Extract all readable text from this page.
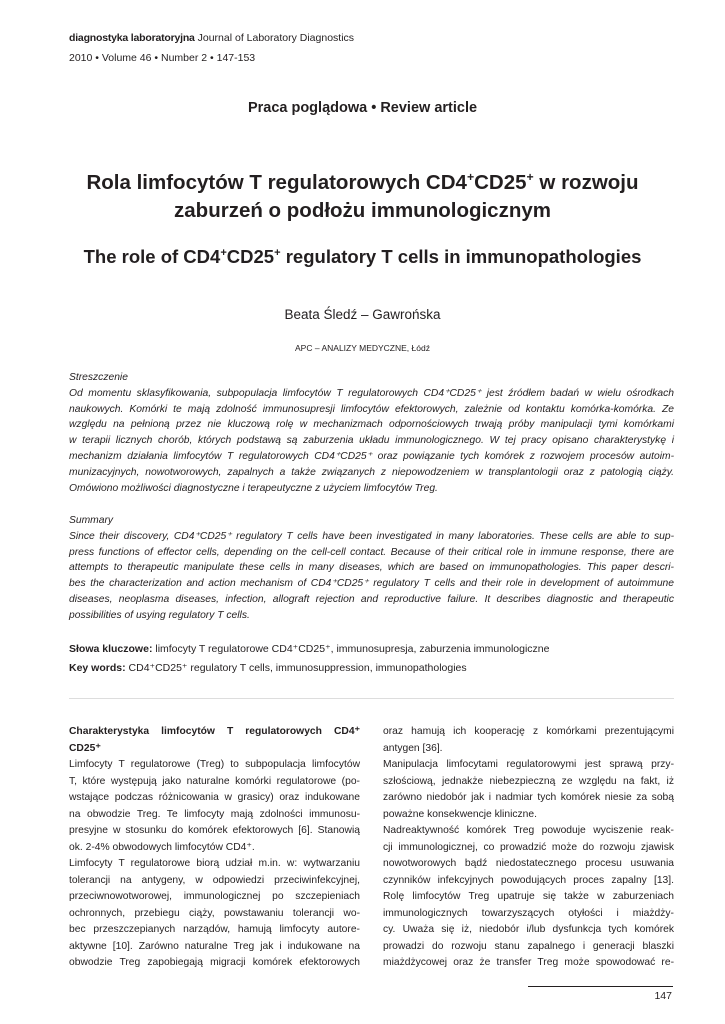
diagnostyka laboratoryjna Journal of Laboratory Diagnostics
2010 • Volume 46 • Number 2 • 147-153
Praca poglądowa • Review article
Rola limfocytów T regulatorowych CD4+CD25+ w rozwoju
zaburzeń o podłożu immunologicznym
The role of CD4+CD25+ regulatory T cells in immunopathologies
Beata Śledź – Gawrońska
APC – ANALIZY MEDYCZNE, Łódź
Streszczenie
Od momentu sklasyfikowania, subpopulacja limfocytów T regulatorowych CD4⁺CD25⁺ jest źródłem badań w wielu ośrodkach
naukowych. Komórki te mają zdolność immunosupresji limfocytów efektorowych, zależnie od kontaktu komórka-komórka. Ze
względu na pełnioną przez nie kluczową rolę w mechanizmach odpornościowych trwają próby manipulacji tymi komórkami
w terapii licznych chorób, których podstawą są zaburzenia układu immunologicznego. W tej pracy opisano charakterystykę i
mechanizm działania limfocytów T regulatorowych CD4⁺CD25⁺ oraz powiązanie tych komórek z rozwojem procesów autoim-
munizacyjnych, nowotworowych, zapalnych a także związanych z niepowodzeniem w transplantologii oraz z patologią ciąży.
Omówiono możliwości diagnostyczne i terapeutyczne z użyciem limfocytów Treg.
Summary
Since their discovery, CD4⁺CD25⁺ regulatory T cells have been investigated in many laboratories. These cells are able to sup-
press functions of effector cells, depending on the cell-cell contact. Because of their critical role in immune response, there are
attempts to therapeutic manipulate these cells in many diseases, which are based on immunopathologies. This paper descri-
bes the characterization and action mechanism of CD4⁺CD25⁺ regulatory T cells and their role in development of autoimmune
diseases, neoplasma diseases, infection, allograft rejection and reproductive failure. It describes diagnostic and therapeutic
possibilities of usying regulatory T cells.
Słowa kluczowe: limfocyty T regulatorowe CD4⁺CD25⁺, immunosupresja, zaburzenia immunologiczne
Key words: CD4⁺CD25⁺ regulatory T cells, immunosuppression, immunopathologies
Charakterystyka limfocytów T regulatorowych CD4⁺
CD25⁺
Limfocyty T regulatorowe (Treg) to subpopulacja limfocytów
T, które występują jako naturalne komórki regulatorowe (po-
wstające podczas różnicowania w grasicy) oraz indukowane
na obwodzie Treg. Te limfocyty mają zdolności immunosu-
presyjne w stosunku do komórek efektorowych [6]. Stanowią
ok. 2-4% obwodowych limfocytów CD4⁺.
Limfocyty T regulatorowe biorą udział m.in. w: wytwarzaniu
tolerancji na antygeny, w odpowiedzi przeciwinfekcyjnej,
przeciwnowotworowej, immunologicznej po szczepieniach
ochronnych, przebiegu ciąży, powstawaniu tolerancji wo-
bec przeszczepianych narządów, hamują limfocyty autore-
aktywne [10]. Zarówno naturalne Treg jak i indukowane na
obwodzie Treg zapobiegają migracji komórek efektorowych
oraz hamują ich kooperację z komórkami prezentującymi
antygen [36].
Manipulacja limfocytami regulatorowymi jest sprawą przy-
szłościową, jednakże niebezpieczną ze względu na fakt, iż
zarówno niedobór jak i nadmiar tych komórek niesie za sobą
poważne konsekwencje kliniczne.
Nadreaktywność komórek Treg powoduje wyciszenie reak-
cji immunologicznej, co prowadzić może do rozwoju zjawisk
nowotworowych bądź niedostatecznego procesu usuwania
czynników infekcyjnych powodujących proces zapalny [13].
Rolę limfocytów Treg upatruje się także w zaburzeniach
immunologicznych towarzyszących otyłości i miażdży-
cy. Uważa się iż, niedobór i/lub dysfunkcja tych komórek
prowadzi do rozwoju stanu zapalnego i generacji blaszki
miażdżycowej oraz że transfer Treg może spowodować re-
147
